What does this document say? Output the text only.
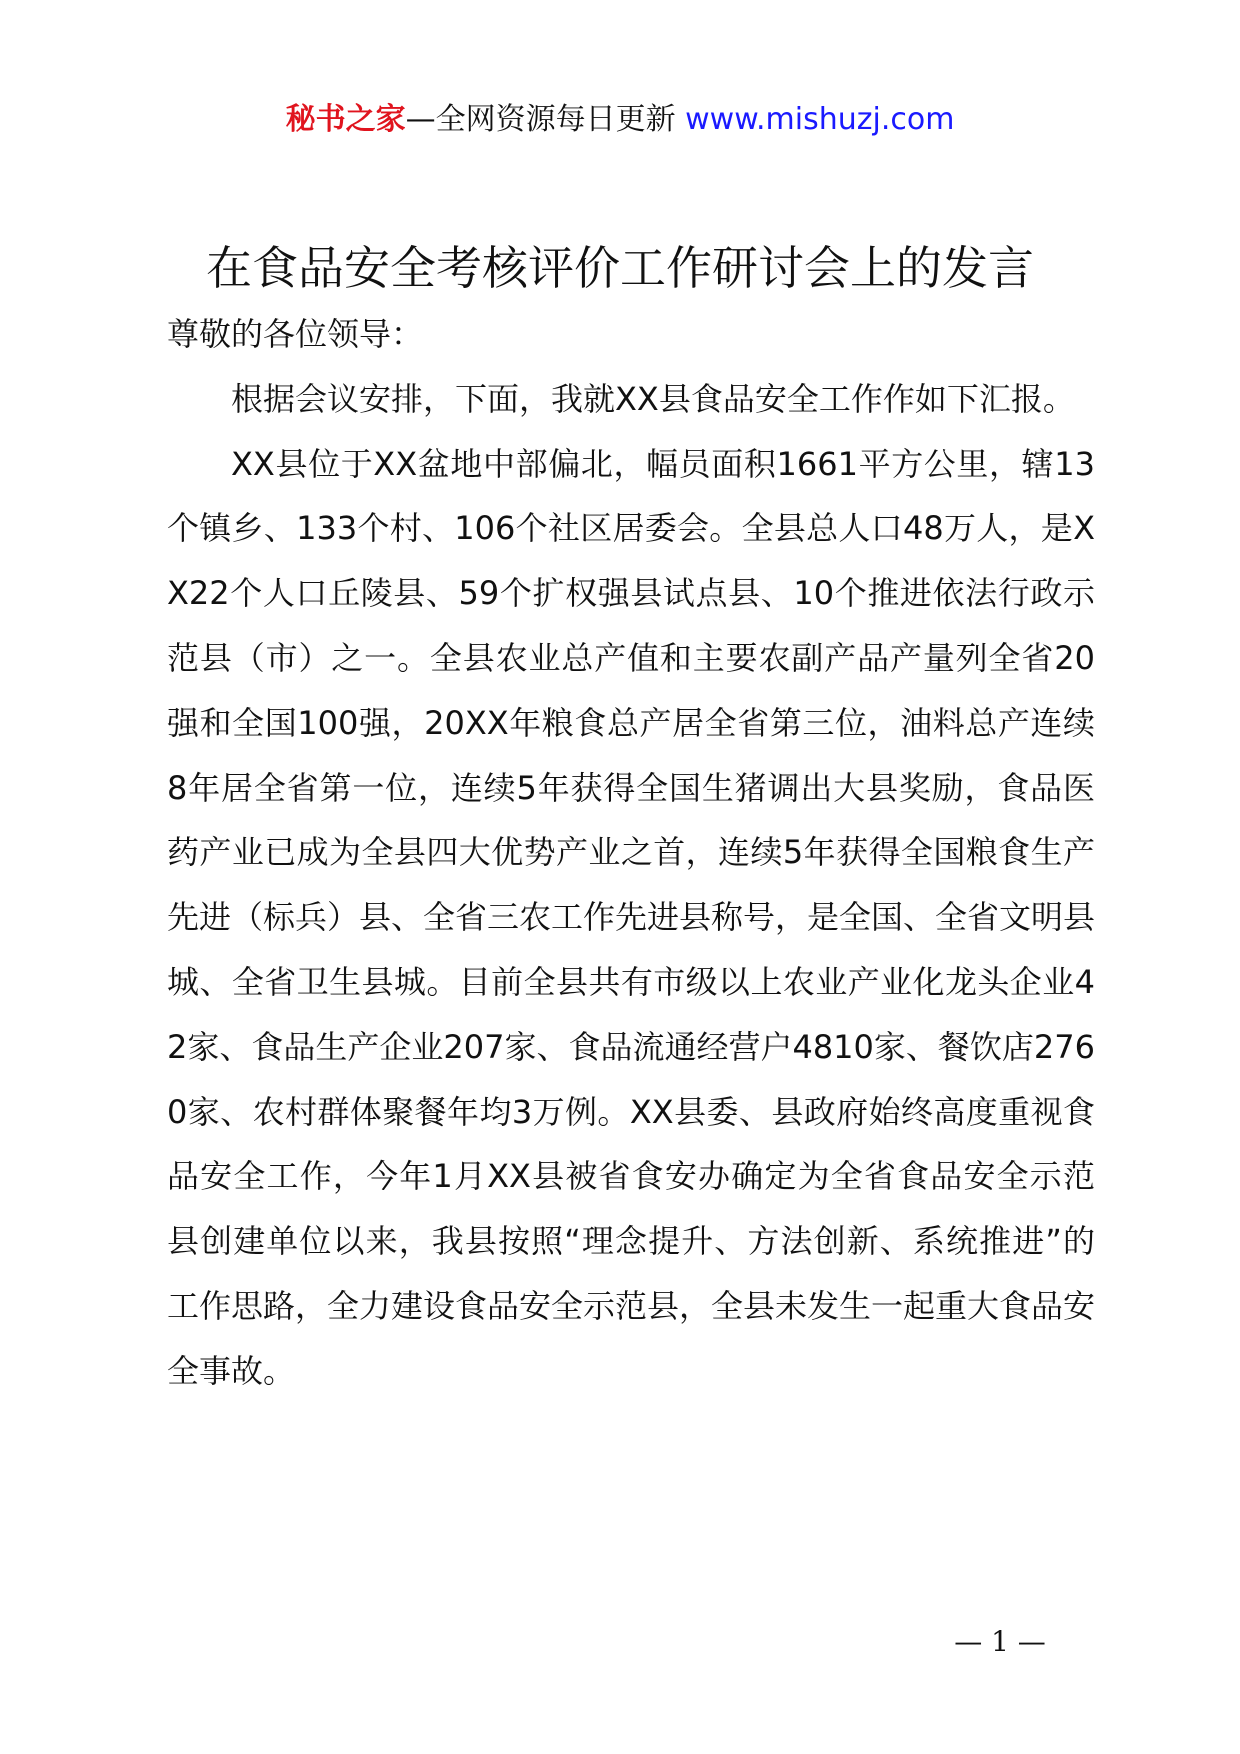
秘书之家—全网资源每日更新 www.mishuzj.com
在食品安全考核评价工作研讨会上的发言

尊敬的各位领导：

根据会议安排，下面，我就XX县食品安全工作作如下汇报。

XX县位于XX盆地中部偏北，幅员面积1661平方公里，辖13个镇乡、133个村、106个社区居委会。全县总人口48万人，是XX22个人口丘陵县、59个扩权强县试点县、10个推进依法行政示范县（市）之一。全县农业总产值和主要农副产品产量列全省20强和全国100强，20XX年粮食总产居全省第三位，油料总产连续8年居全省第一位，连续5年获得全国生猪调出大县奖励，食品医药产业已成为全县四大优势产业之首，连续5年获得全国粮食生产先进（标兵）县、全省三农工作先进县称号，是全国、全省文明县城、全省卫生县城。目前全县共有市级以上农业产业化龙头企业42家、食品生产企业207家、食品流通经营户4810家、餐饮店2760家、农村群体聚餐年均3万例。XX县委、县政府始终高度重视食品安全工作，今年1月XX县被省食安办确定为全省食品安全示范县创建单位以来，我县按照“理念提升、方法创新、系统推进”的工作思路，全力建设食品安全示范县，全县未发生一起重大食品安全事故。

— 1 —
